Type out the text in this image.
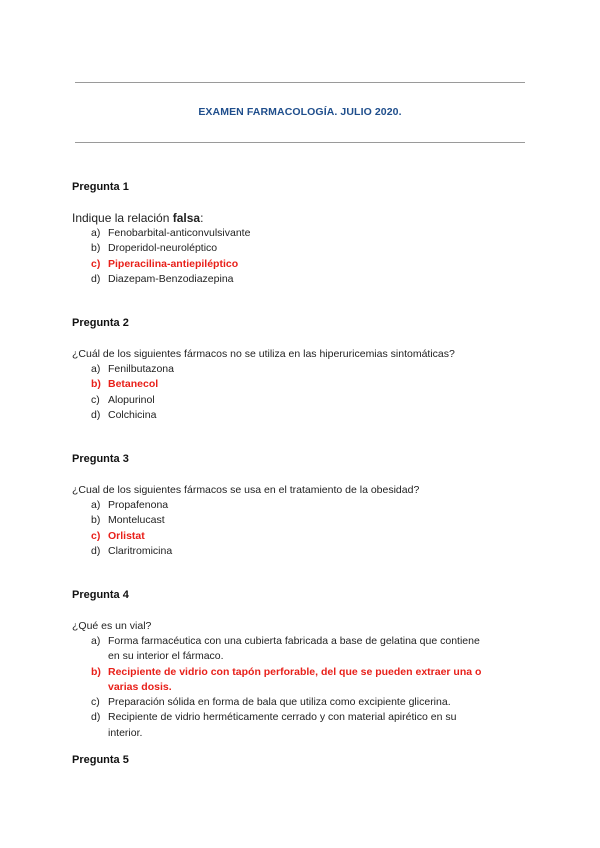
EXAMEN FARMACOLOGÍA. JULIO 2020.
Pregunta 1
Indique la relación falsa:
a) Fenobarbital-anticonvulsivante
b) Droperidol-neuroléptico
c) Piperacilina-antiepiléptico
d) Diazepam-Benzodiazepina
Pregunta 2
¿Cuál de los siguientes fármacos no se utiliza en las hiperuricemias sintomáticas?
a) Fenilbutazona
b) Betanecol
c) Alopurinol
d) Colchicina
Pregunta 3
¿Cual de los siguientes fármacos se usa en el tratamiento de la obesidad?
a) Propafenona
b) Montelucast
c) Orlistat
d) Claritromicina
Pregunta 4
¿Qué es un vial?
a) Forma farmacéutica con una cubierta fabricada a base de gelatina que contiene en su interior el fármaco.
b) Recipiente de vidrio con tapón perforable, del que se pueden extraer una o varias dosis.
c) Preparación sólida en forma de bala que utiliza como excipiente glicerina.
d) Recipiente de vidrio herméticamente cerrado y con material apirético en su interior.
Pregunta 5
